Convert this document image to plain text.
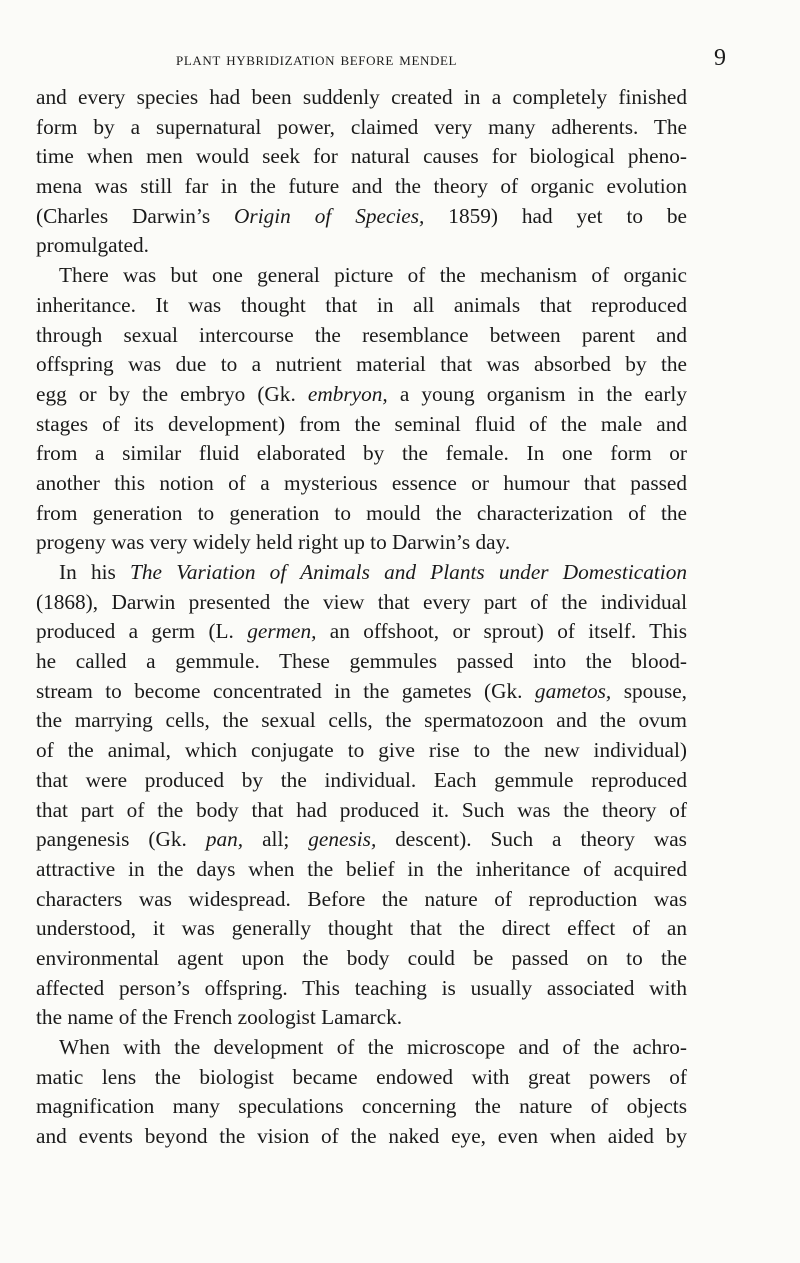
plant hybridization before mendel	9
and every species had been suddenly created in a completely finished
form by a supernatural power, claimed very many adherents. The
time when men would seek for natural causes for biological pheno-
mena was still far in the future and the theory of organic evolution
(Charles Darwin’s Origin of Species, 1859) had yet to be
promulgated.
There was but one general picture of the mechanism of organic
inheritance. It was thought that in all animals that reproduced
through sexual intercourse the resemblance between parent and
offspring was due to a nutrient material that was absorbed by the
egg or by the embryo (Gk. embryon, a young organism in the early
stages of its development) from the seminal fluid of the male and
from a similar fluid elaborated by the female. In one form or
another this notion of a mysterious essence or humour that passed
from generation to generation to mould the characterization of the
progeny was very widely held right up to Darwin’s day.
In his The Variation of Animals and Plants under Domestication
(1868), Darwin presented the view that every part of the individual
produced a germ (L. germen, an offshoot, or sprout) of itself. This
he called a gemmule. These gemmules passed into the blood-
stream to become concentrated in the gametes (Gk. gametos, spouse,
the marrying cells, the sexual cells, the spermatozoon and the ovum
of the animal, which conjugate to give rise to the new individual)
that were produced by the individual. Each gemmule reproduced
that part of the body that had produced it. Such was the theory of
pangenesis (Gk. pan, all; genesis, descent). Such a theory was
attractive in the days when the belief in the inheritance of acquired
characters was widespread. Before the nature of reproduction was
understood, it was generally thought that the direct effect of an
environmental agent upon the body could be passed on to the
affected person’s offspring. This teaching is usually associated with
the name of the French zoologist Lamarck.
When with the development of the microscope and of the achro-
matic lens the biologist became endowed with great powers of
magnification many speculations concerning the nature of objects
and events beyond the vision of the naked eye, even when aided by
